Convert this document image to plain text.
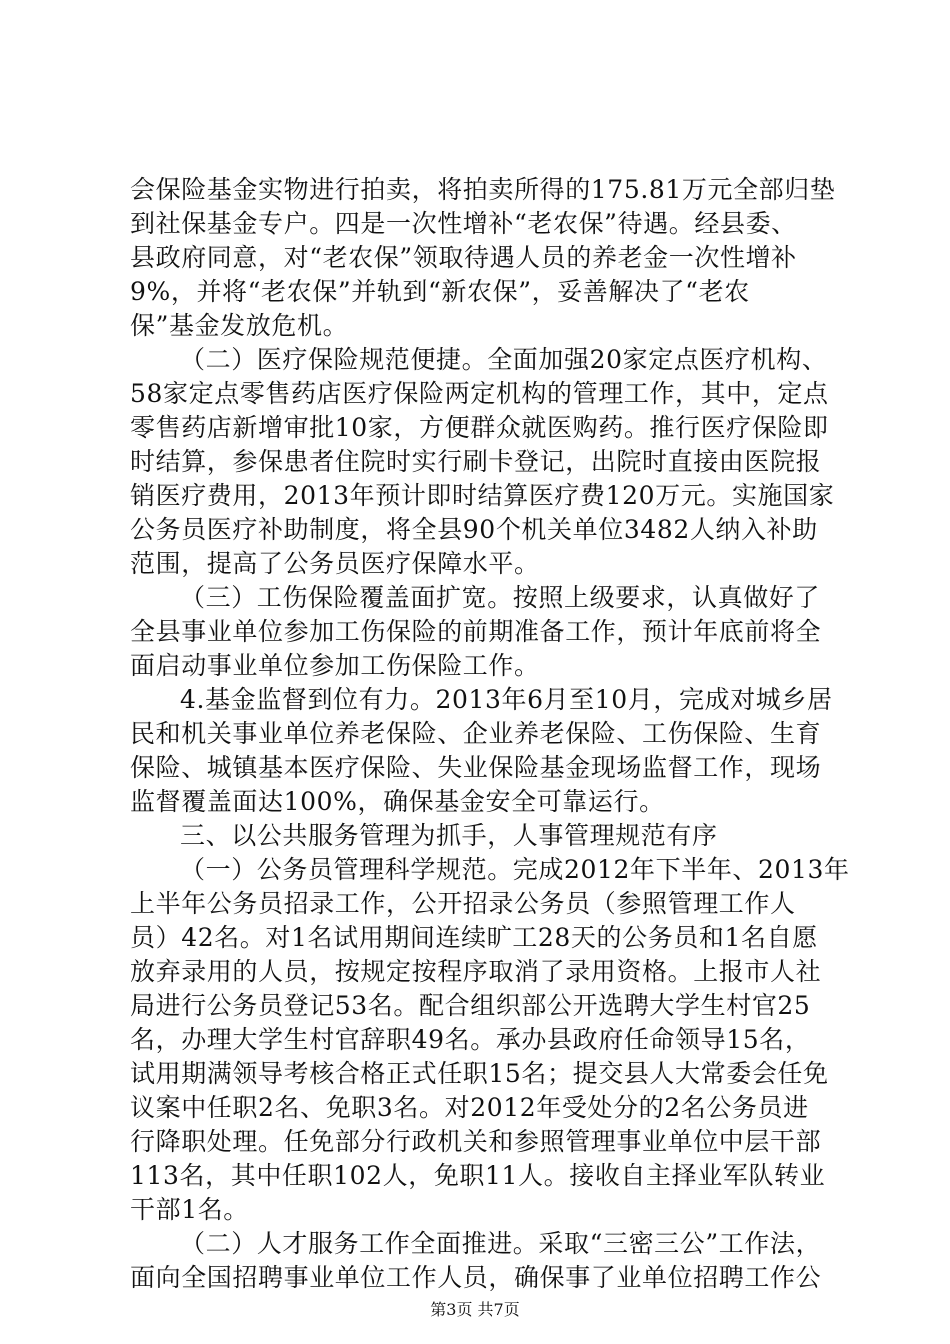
会保险基金实物进行拍卖，将拍卖所得的175.81万元全部归垫
到社保基金专户。四是一次性增补“老农保”待遇。经县委、
县政府同意，对“老农保”领取待遇人员的养老金一次性增补
9%，并将“老农保”并轨到“新农保”，妥善解决了“老农
保”基金发放危机。
（二）医疗保险规范便捷。全面加强20家定点医疗机构、
58家定点零售药店医疗保险两定机构的管理工作，其中，定点
零售药店新增审批10家，方便群众就医购药。推行医疗保险即
时结算，参保患者住院时实行刷卡登记，出院时直接由医院报
销医疗费用，2013年预计即时结算医疗费120万元。实施国家
公务员医疗补助制度，将全县90个机关单位3482人纳入补助
范围，提高了公务员医疗保障水平。
（三）工伤保险覆盖面扩宽。按照上级要求，认真做好了
全县事业单位参加工伤保险的前期准备工作，预计年底前将全
面启动事业单位参加工伤保险工作。
4.基金监督到位有力。2013年6月至10月，完成对城乡居
民和机关事业单位养老保险、企业养老保险、工伤保险、生育
保险、城镇基本医疗保险、失业保险基金现场监督工作，现场
监督覆盖面达100%，确保基金安全可靠运行。
三、以公共服务管理为抓手，人事管理规范有序
（一）公务员管理科学规范。完成2012年下半年、2013年
上半年公务员招录工作，公开招录公务员（参照管理工作人
员）42名。对1名试用期间连续旷工28天的公务员和1名自愿
放弃录用的人员，按规定按程序取消了录用资格。上报市人社
局进行公务员登记53名。配合组织部公开选聘大学生村官25
名，办理大学生村官辞职49名。承办县政府任命领导15名，
试用期满领导考核合格正式任职15名；提交县人大常委会任免
议案中任职2名、免职3名。对2012年受处分的2名公务员进
行降职处理。任免部分行政机关和参照管理事业单位中层干部
113名，其中任职102人，免职11人。接收自主择业军队转业
干部1名。
（二）人才服务工作全面推进。采取“三密三公”工作法，
面向全国招聘事业单位工作人员，确保事了业单位招聘工作公
第3页 共7页
